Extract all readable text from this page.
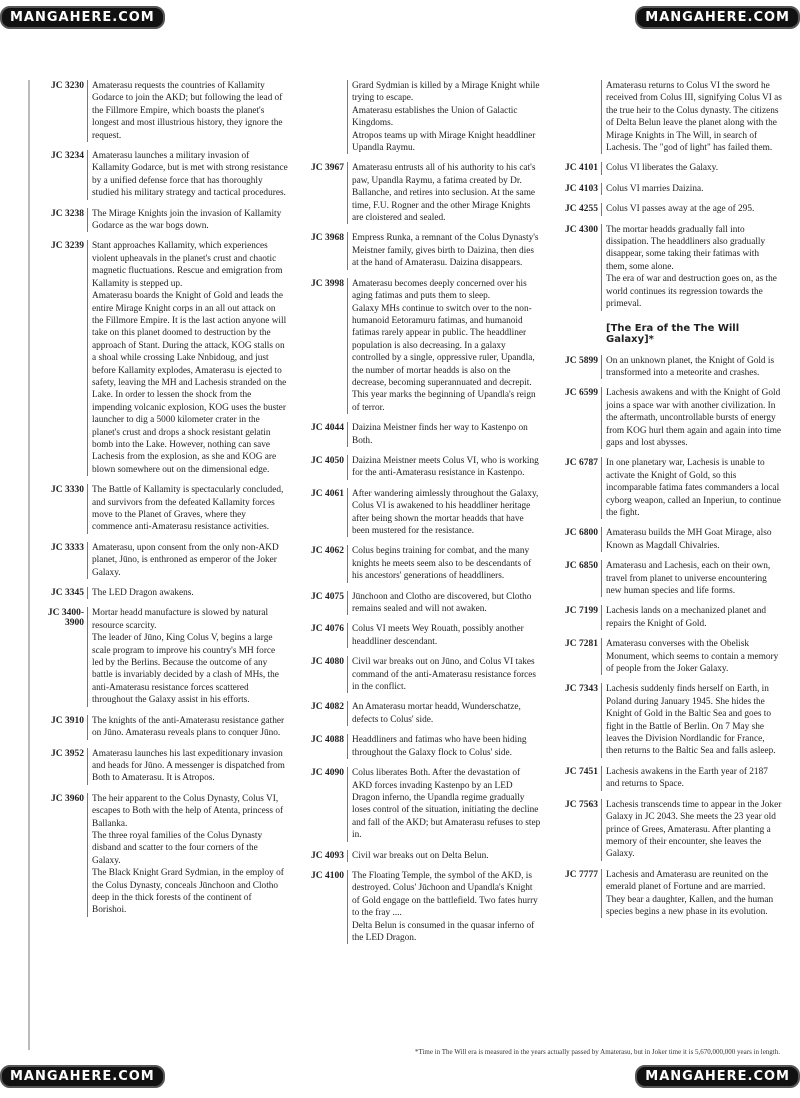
MANGAHERE.COM	MANGAHERE.COM
JC 3230 Amaterasu requests the countries of Kallamity Godarce to join the AKD; but following the lead of the Fillmore Empire, which boasts the planet's longest and most illustrious history, they ignore the request.
JC 3234 Amaterasu launches a military invasion of Kallamity Godarce, but is met with strong resistance by a unified defense force that has thoroughly studied his military strategy and tactical procedures.
JC 3238 The Mirage Knights join the invasion of Kallamity Godarce as the war bogs down.
JC 3239 Stant approaches Kallamity, which experiences violent upheavals in the planet's crust and chaotic magnetic fluctuations. Rescue and emigration from Kallamity is stepped up.
Amaterasu boards the Knight of Gold and leads the entire Mirage Knight corps in an all out attack on the Fillmore Empire. It is the last action anyone will take on this planet doomed to destruction by the approach of Stant. During the attack, KOG stalls on a shoal while crossing Lake Nnbidoug, and just before Kallamity explodes, Amaterasu is ejected to safety, leaving the MH and Lachesis stranded on the Lake. In order to lessen the shock from the impending volcanic explosion, KOG uses the buster launcher to dig a 5000 kilometer crater in the planet's crust and drops a shock resistant gelatin bomb into the Lake. However, nothing can save Lachesis from the explosion, as she and KOG are blown somewhere out on the dimensional edge.
JC 3330 The Battle of Kallamity is spectacularly concluded, and survivors from the defeated Kallamity forces move to the Planet of Graves, where they commence anti-Amaterasu resistance activities.
JC 3333 Amaterasu, upon consent from the only non-AKD planet, Jūno, is enthroned as emperor of the Joker Galaxy.
JC 3345 The LED Dragon awakens.
JC 3400-3900
Mortar headd manufacture is slowed by natural resource scarcity.
The leader of Jūno, King Colus V, begins a large scale program to improve his country's MH force led by the Berlins. Because the outcome of any battle is invariably decided by a clash of MHs, the anti-Amaterasu resistance forces scattered throughout the Galaxy assist in his efforts.
JC 3910 The knights of the anti-Amaterasu resistance gather on Jūno. Amaterasu reveals plans to conquer Jūno.
JC 3952 Amaterasu launches his last expeditionary invasion and heads for Jūno. A messenger is dispatched from Both to Amaterasu. It is Atropos.
JC 3960 The heir apparent to the Colus Dynasty, Colus VI, escapes to Both with the help of Atenta, princess of Ballanka.
The three royal families of the Colus Dynasty disband and scatter to the four corners of the Galaxy.
The Black Knight Grard Sydmian, in the employ of the Colus Dynasty, conceals Jūnchoon and Clotho deep in the thick forests of the continent of Borishoi.
Grard Sydmian is killed by a Mirage Knight while trying to escape.
Amaterasu establishes the Union of Galactic Kingdoms.
Atropos teams up with Mirage Knight headdliner Upandla Raymu.
JC 3967 Amaterasu entrusts all of his authority to his cat's paw, Upandla Raymu, a fatima created by Dr. Ballanche, and retires into seclusion. At the same time, F.U. Rogner and the other Mirage Knights are cloistered and sealed.
JC 3968 Empress Runka, a remnant of the Colus Dynasty's Meistner family, gives birth to Daizina, then dies at the hand of Amaterasu. Daizina disappears.
JC 3998 Amaterasu becomes deeply concerned over his aging fatimas and puts them to sleep.
Galaxy MHs continue to switch over to the non-humanoid Eetoramuru fatimas, and humanoid fatimas rarely appear in public. The headdliner population is also decreasing. In a galaxy controlled by a single, oppressive ruler, Upandla, the number of mortar headds is also on the decrease, becoming superannuated and decrepit.
This year marks the beginning of Upandla's reign of terror.
JC 4044 Daizina Meistner finds her way to Kastenpo on Both.
JC 4050 Daizina Meistner meets Colus VI, who is working for the anti-Amaterasu resistance in Kastenpo.
JC 4061 After wandering aimlessly throughout the Galaxy, Colus VI is awakened to his headdliner heritage after being shown the mortar headds that have been mustered for the resistance.
JC 4062 Colus begins training for combat, and the many knights he meets seem also to be descendants of his ancestors' generations of headdliners.
JC 4075 Jūnchoon and Clotho are discovered, but Clotho remains sealed and will not awaken.
JC 4076 Colus VI meets Wey Rouath, possibly another headdliner descendant.
JC 4080 Civil war breaks out on Jūno, and Colus VI takes command of the anti-Amaterasu resistance forces in the conflict.
JC 4082 An Amaterasu mortar headd, Wunderschatze, defects to Colus' side.
JC 4088 Headdliners and fatimas who have been hiding throughout the Galaxy flock to Colus' side.
JC 4090 Colus liberates Both. After the devastation of AKD forces invading Kastenpo by an LED Dragon inferno, the Upandla regime gradually loses control of the situation, initiating the decline and fall of the AKD; but Amaterasu refuses to step in.
JC 4093 Civil war breaks out on Delta Belun.
JC 4100 The Floating Temple, the symbol of the AKD, is destroyed. Colus' Jūchoon and Upandla's Knight of Gold engage on the battlefield. Two fates hurry to the fray ....
Delta Belun is consumed in the quasar inferno of the LED Dragon.
Amaterasu returns to Colus VI the sword he received from Colus III, signifying Colus VI as the true heir to the Colus dynasty. The citizens of Delta Belun leave the planet along with the Mirage Knights in The Will, in search of Lachesis. The "god of light" has failed them.
JC 4101 Colus VI liberates the Galaxy.
JC 4103 Colus VI marries Daizina.
JC 4255 Colus VI passes away at the age of 295.
JC 4300 The mortar headds gradually fall into dissipation. The headdliners also gradually disappear, some taking their fatimas with them, some alone.
The era of war and destruction goes on, as the world continues its regression towards the primeval.
[The Era of the The Will Galaxy]*
JC 5899 On an unknown planet, the Knight of Gold is transformed into a meteorite and crashes.
JC 6599 Lachesis awakens and with the Knight of Gold joins a space war with another civilization. In the aftermath, uncontrollable bursts of energy from KOG hurl them again and again into time gaps and lost abysses.
JC 6787 In one planetary war, Lachesis is unable to activate the Knight of Gold, so this incomparable fatima fates commanders a local cyborg weapon, called an Inperiun, to continue the fight.
JC 6800 Amaterasu builds the MH Goat Mirage, also Known as Magdall Chivalries.
JC 6850 Amaterasu and Lachesis, each on their own, travel from planet to universe encountering new human species and life forms.
JC 7199 Lachesis lands on a mechanized planet and repairs the Knight of Gold.
JC 7281 Amaterasu converses with the Obelisk Monument, which seems to contain a memory of people from the Joker Galaxy.
JC 7343 Lachesis suddenly finds herself on Earth, in Poland during January 1945. She hides the Knight of Gold in the Baltic Sea and goes to fight in the Battle of Berlin. On 7 May she leaves the Division Nordlandic for France, then returns to the Baltic Sea and falls asleep.
JC 7451 Lachesis awakens in the Earth year of 2187 and returns to Space.
JC 7563 Lachesis transcends time to appear in the Joker Galaxy in JC 2043. She meets the 23 year old prince of Grees, Amaterasu. After planting a memory of their encounter, she leaves the Galaxy.
JC 7777 Lachesis and Amaterasu are reunited on the emerald planet of Fortune and are married. They bear a daughter, Kallen, and the human species begins a new phase in its evolution.
*Time in The Will era is measured in the years actually passed by Amaterasu, but in Joker time it is 5,670,000,000 years in length.
MANGAHERE.COM	MANGAHERE.COM
